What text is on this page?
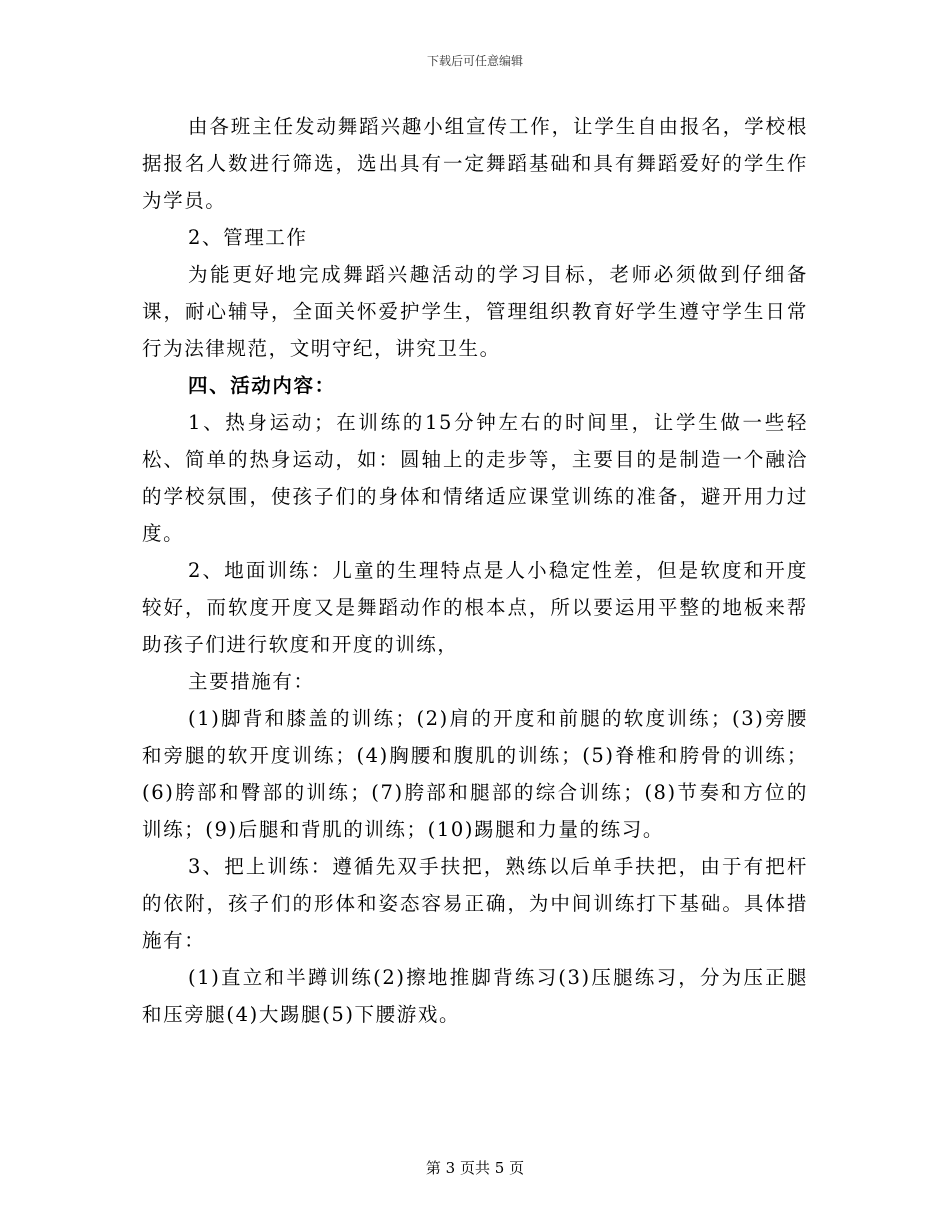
下载后可任意编辑

由各班主任发动舞蹈兴趣小组宣传工作，让学生自由报名，学校根据报名人数进行筛选，选出具有一定舞蹈基础和具有舞蹈爱好的学生作为学员。

2、管理工作

为能更好地完成舞蹈兴趣活动的学习目标，老师必须做到仔细备课，耐心辅导，全面关怀爱护学生，管理组织教育好学生遵守学生日常行为法律规范，文明守纪，讲究卫生。

四、活动内容：

1、热身运动；在训练的15分钟左右的时间里，让学生做一些轻松、简单的热身运动，如：圆轴上的走步等，主要目的是制造一个融洽的学校氛围，使孩子们的身体和情绪适应课堂训练的准备，避开用力过度。

2、地面训练：儿童的生理特点是人小稳定性差，但是软度和开度较好，而软度开度又是舞蹈动作的根本点，所以要运用平整的地板来帮助孩子们进行软度和开度的训练，

主要措施有：

(1)脚背和膝盖的训练；(2)肩的开度和前腿的软度训练；(3)旁腰和旁腿的软开度训练；(4)胸腰和腹肌的训练；(5)脊椎和胯骨的训练；(6)胯部和臀部的训练；(7)胯部和腿部的综合训练；(8)节奏和方位的训练；(9)后腿和背肌的训练；(10)踢腿和力量的练习。

3、把上训练：遵循先双手扶把，熟练以后单手扶把，由于有把杆的依附，孩子们的形体和姿态容易正确，为中间训练打下基础。具体措施有：

(1)直立和半蹲训练(2)擦地推脚背练习(3)压腿练习，分为压正腿和压旁腿(4)大踢腿(5)下腰游戏。

第 3 页共 5 页
